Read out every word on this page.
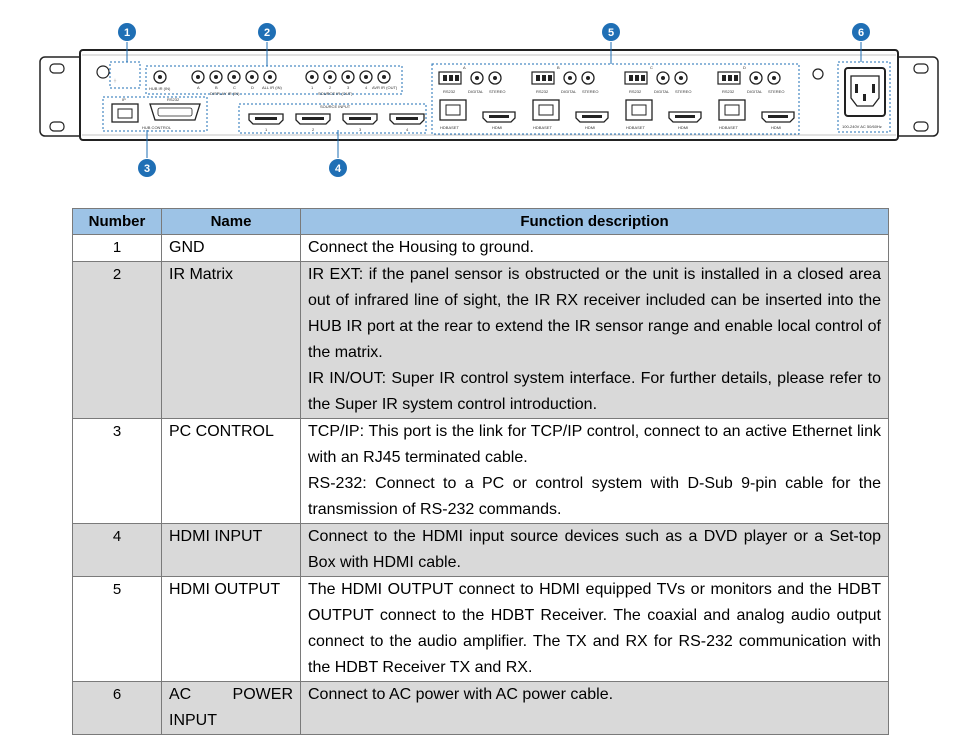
⏚
HUB IR (IN)	A	B	C	D ALL IR (IN)
DISPLAY IR (IN)
1	2	3	4 AVR IR (OUT)
SOURCE IR (OUT)
IP	RS232
HUB CONTROL
SOURCE INPUT
1	2	3	4
A
RS232	DIGITAL STEREO
HDBASET	HDMI
B
RS232	DIGITAL STEREO
HDBASET	HDMI
C
RS232	DIGITAL STEREO
HDBASET	HDMI
D
RS232	DIGITAL STEREO
HDBASET	HDMI	100-240V AC 50/60Hz
1	2
3	4
5	6
Number	Name	Function description
1	GND	Connect the Housing to ground.

2	IR Matrix	IR EXT: if the panel sensor is obstructed or the unit is installed in a closed area out of infrared line of sight, the IR RX receiver included can be inserted into the HUB IR port at the rear to extend the IR sensor range and enable local control of the matrix.
IR IN/OUT: Super IR control system interface. For further details, please refer to the Super IR system control introduction.

3	PC CONTROL	TCP/IP: This port is the link for TCP/IP control, connect to an active Ethernet link with an RJ45 terminated cable.
RS-232: Connect to a PC or control system with D-Sub 9-pin cable for the transmission of RS-232 commands.

4	HDMI INPUT	Connect to the HDMI input source devices such as a DVD player or a Set-top Box with HDMI cable.

5	HDMI OUTPUT	The HDMI OUTPUT connect to HDMI equipped TVs or monitors and the HDBT OUTPUT connect to the HDBT Receiver. The coaxial and analog audio output connect to the audio amplifier. The TX and RX for RS-232 communication with the HDBT Receiver TX and RX.

6	AC POWER INPUT	Connect to AC power with AC power cable.
